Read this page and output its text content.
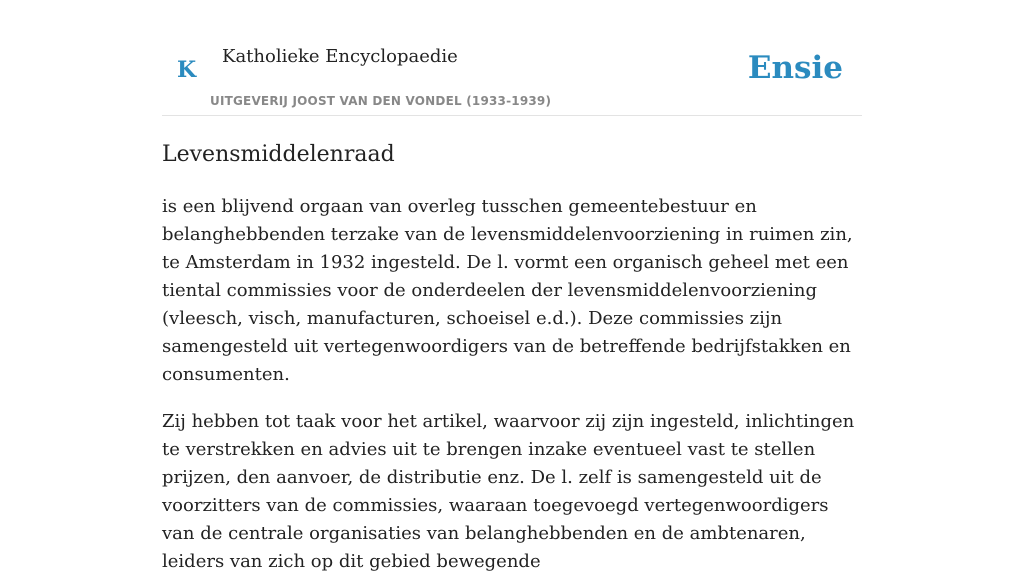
K
Katholieke Encyclopaedie
UITGEVERIJ JOOST VAN DEN VONDEL (1933-1939)
Ensie
Levensmiddelenraad

is een blijvend orgaan van overleg tusschen gemeentebestuur en belanghebbenden terzake van de levensmiddelenvoorziening in ruimen zin, te Amsterdam in 1932 ingesteld. De l. vormt een organisch geheel met een tiental commissies voor de onderdeelen der levensmiddelenvoorziening (vleesch, visch, manufacturen, schoeisel e.d.). Deze commissies zijn samengesteld uit vertegenwoordigers van de betreffende bedrijfstakken en consumenten.

Zij hebben tot taak voor het artikel, waarvoor zij zijn ingesteld, inlichtingen te verstrekken en advies uit te brengen inzake eventueel vast te stellen prijzen, den aanvoer, de distributie enz. De l. zelf is samengesteld uit de voorzitters van de commissies, waaraan toegevoegd vertegenwoordigers van de centrale organisaties van belanghebbenden en de ambtenaren, leiders van zich op dit gebied bewegende
